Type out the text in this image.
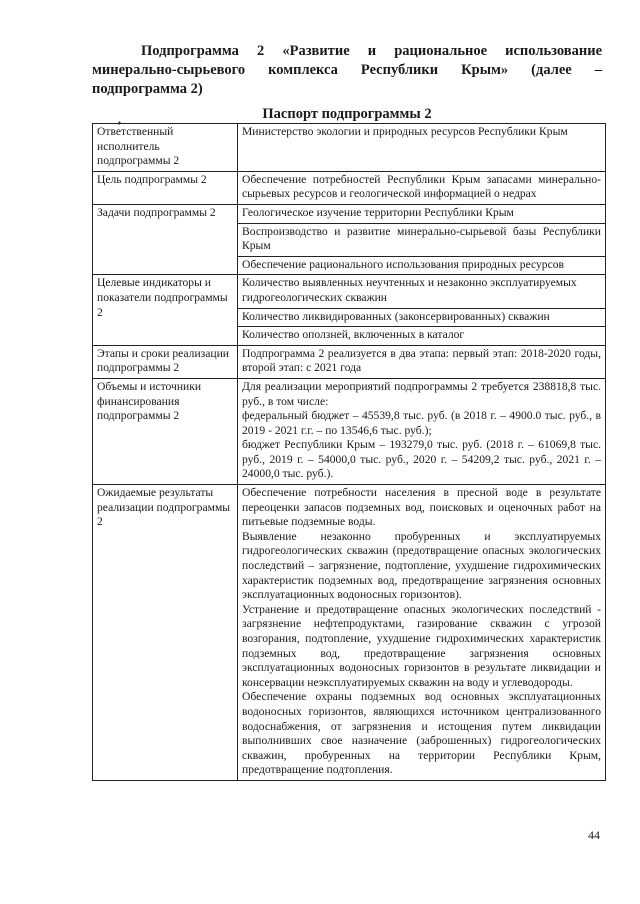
Подпрограмма 2 «Развитие и рациональное использование
минерально-сырьевого комплекса Республики Крым» (далее –
подпрограмма 2)
,	Паспорт подпрограммы 2
Ответственный исполнитель подпрограммы 2	Министерство экологии и природных ресурсов Республики Крым
Цель подпрограммы 2	Обеспечение потребностей Республики Крым запасами минерально-сырьевых ресурсов и геологической информацией о недрах
Задачи подпрограммы 2	Геологическое изучение территории Республики Крым
	Воспроизводство и развитие минерально-сырьевой базы Республики Крым
	Обеспечение рационального использования природных ресурсов
Целевые индикаторы и показатели подпрограммы 2	Количество выявленных неучтенных и незаконно эксплуатируемых гидрогеологических скважин
	Количество ликвидированных (законсервированных) скважин
	Количество оползней, включенных в каталог
Этапы и сроки реализации подпрограммы 2	Подпрограмма 2 реализуется в два этапа: первый этап: 2018-2020 годы, второй этап: с 2021 года
Объемы и источники финансирования подпрограммы 2	Для реализации мероприятий подпрограммы 2 требуется 238818,8 тыс. руб., в том числе:
федеральный бюджет – 45539,8 тыс. руб. (в 2018 г. – 4900.0 тыс. руб., в 2019 - 2021 г.г. – по 13546,6 тыс. руб.);
бюджет Республики Крым – 193279,0 тыс. руб. (2018 г. – 61069,8 тыс. руб., 2019 г. – 54000,0 тыс. руб., 2020 г. – 54209,2 тыс. руб., 2021 г. – 24000,0 тыс. руб.).

Ожидаемые результаты реализации подпрограммы 2	Обеспечение потребности населения в пресной воде в результате переоценки запасов подземных вод, поисковых и оценочных работ на питьевые подземные воды.
Выявление незаконно пробуренных и эксплуатируемых гидрогеологических скважин (предотвращение опасных экологических последствий – загрязнение, подтопление, ухудшение гидрохимических характеристик подземных вод, предотвращение загрязнения основных эксплуатационных водоносных горизонтов).
Устранение и предотвращение опасных экологических последствий - загрязнение нефтепродуктами, газирование скважин с угрозой возгорания, подтопление, ухудшение гидрохимических характеристик подземных вод, предотвращение загрязнения основных эксплуатационных водоносных горизонтов в результате ликвидации и консервации неэксплуатируемых скважин на воду и углеводороды.
Обеспечение охраны подземных вод основных эксплуатационных водоносных горизонтов, являющихся источником централизованного водоснабжения, от загрязнения и истощения путем ликвидации выполнивших свое назначение (заброшенных) гидрогеологических скважин, пробуренных на территории Республики Крым, предотвращение подтопления.
44
